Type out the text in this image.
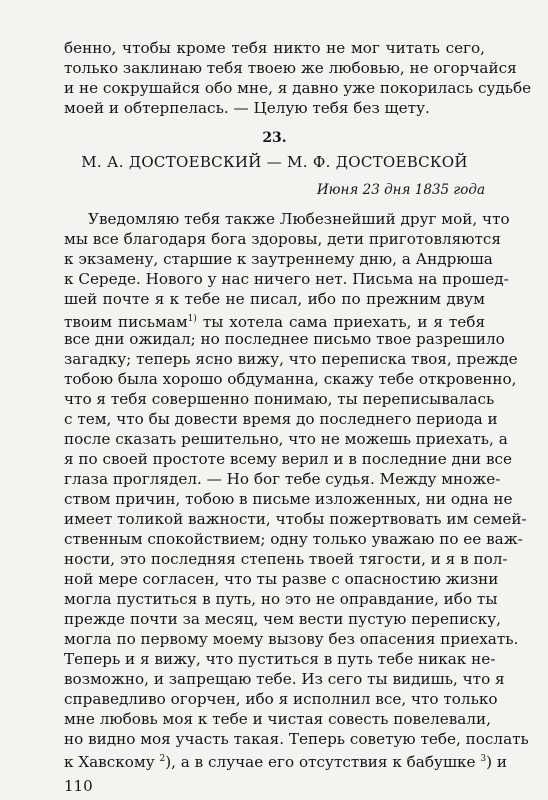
бенно, чтобы кроме тебя никто не мог читать сего,
только заклинаю тебя твоею же любовью, не огорчайся
и не сокрушайся обо мне, я давно уже покорилась судьбе
моей и обтерпелась. — Целую тебя без щету.
23.
М. А. ДОСТОЕВСКИЙ — М. Ф. ДОСТОЕВСКОЙ
Июня 23 дня 1835 года
Уведомляю тебя также Любезнейший друг мой, что
мы все благодаря бога здоровы, дети приготовляются
к экзамену, старшие к заутреннему дню, а Андрюша
к Середе. Нового у нас ничего нет. Письма на прошед-
шей почте я к тебе не писал, ибо по прежним двум
твоим письмам$^{1)}$ ты хотела сама приехать, и я тебя
все дни ожидал; но последнее письмо твое разрешило
загадку; теперь ясно вижу, что переписка твоя, прежде
тобою была хорошо обдуманна, скажу тебе откровенно,
что я тебя совершенно понимаю, ты переписывалась
с тем, что бы довести время до последнего периода и
после сказать решительно, что не можешь приехать, а
я по своей простоте всему верил и в последние дни все
глаза проглядел. — Но бог тебе судья. Между множе-
ством причин, тобою в письме изложенных, ни одна не
имеет толикой важности, чтобы пожертвовать им семей-
ственным спокойствием; одну только уважаю по ее важ-
ности, это последняя степень твоей тягости, и я в пол-
ной мере согласен, что ты разве с опасностию жизни
могла пуститься в путь, но это не оправдание, ибо ты
прежде почти за месяц, чем вести пустую переписку,
могла по первому моему вызову без опасения приехать.
Теперь и я вижу, что пуститься в путь тебе никак не-
возможно, и запрещаю тебе. Из сего ты видишь, что я
справедливо огорчен, ибо я исполнил все, что только
мне любовь моя к тебе и чистая совесть повелевали,
но видно моя участь такая. Теперь советую тебе, послать
к Хавскому $^2$), а в случае его отсутствия к бабушке $^3$) и
110
